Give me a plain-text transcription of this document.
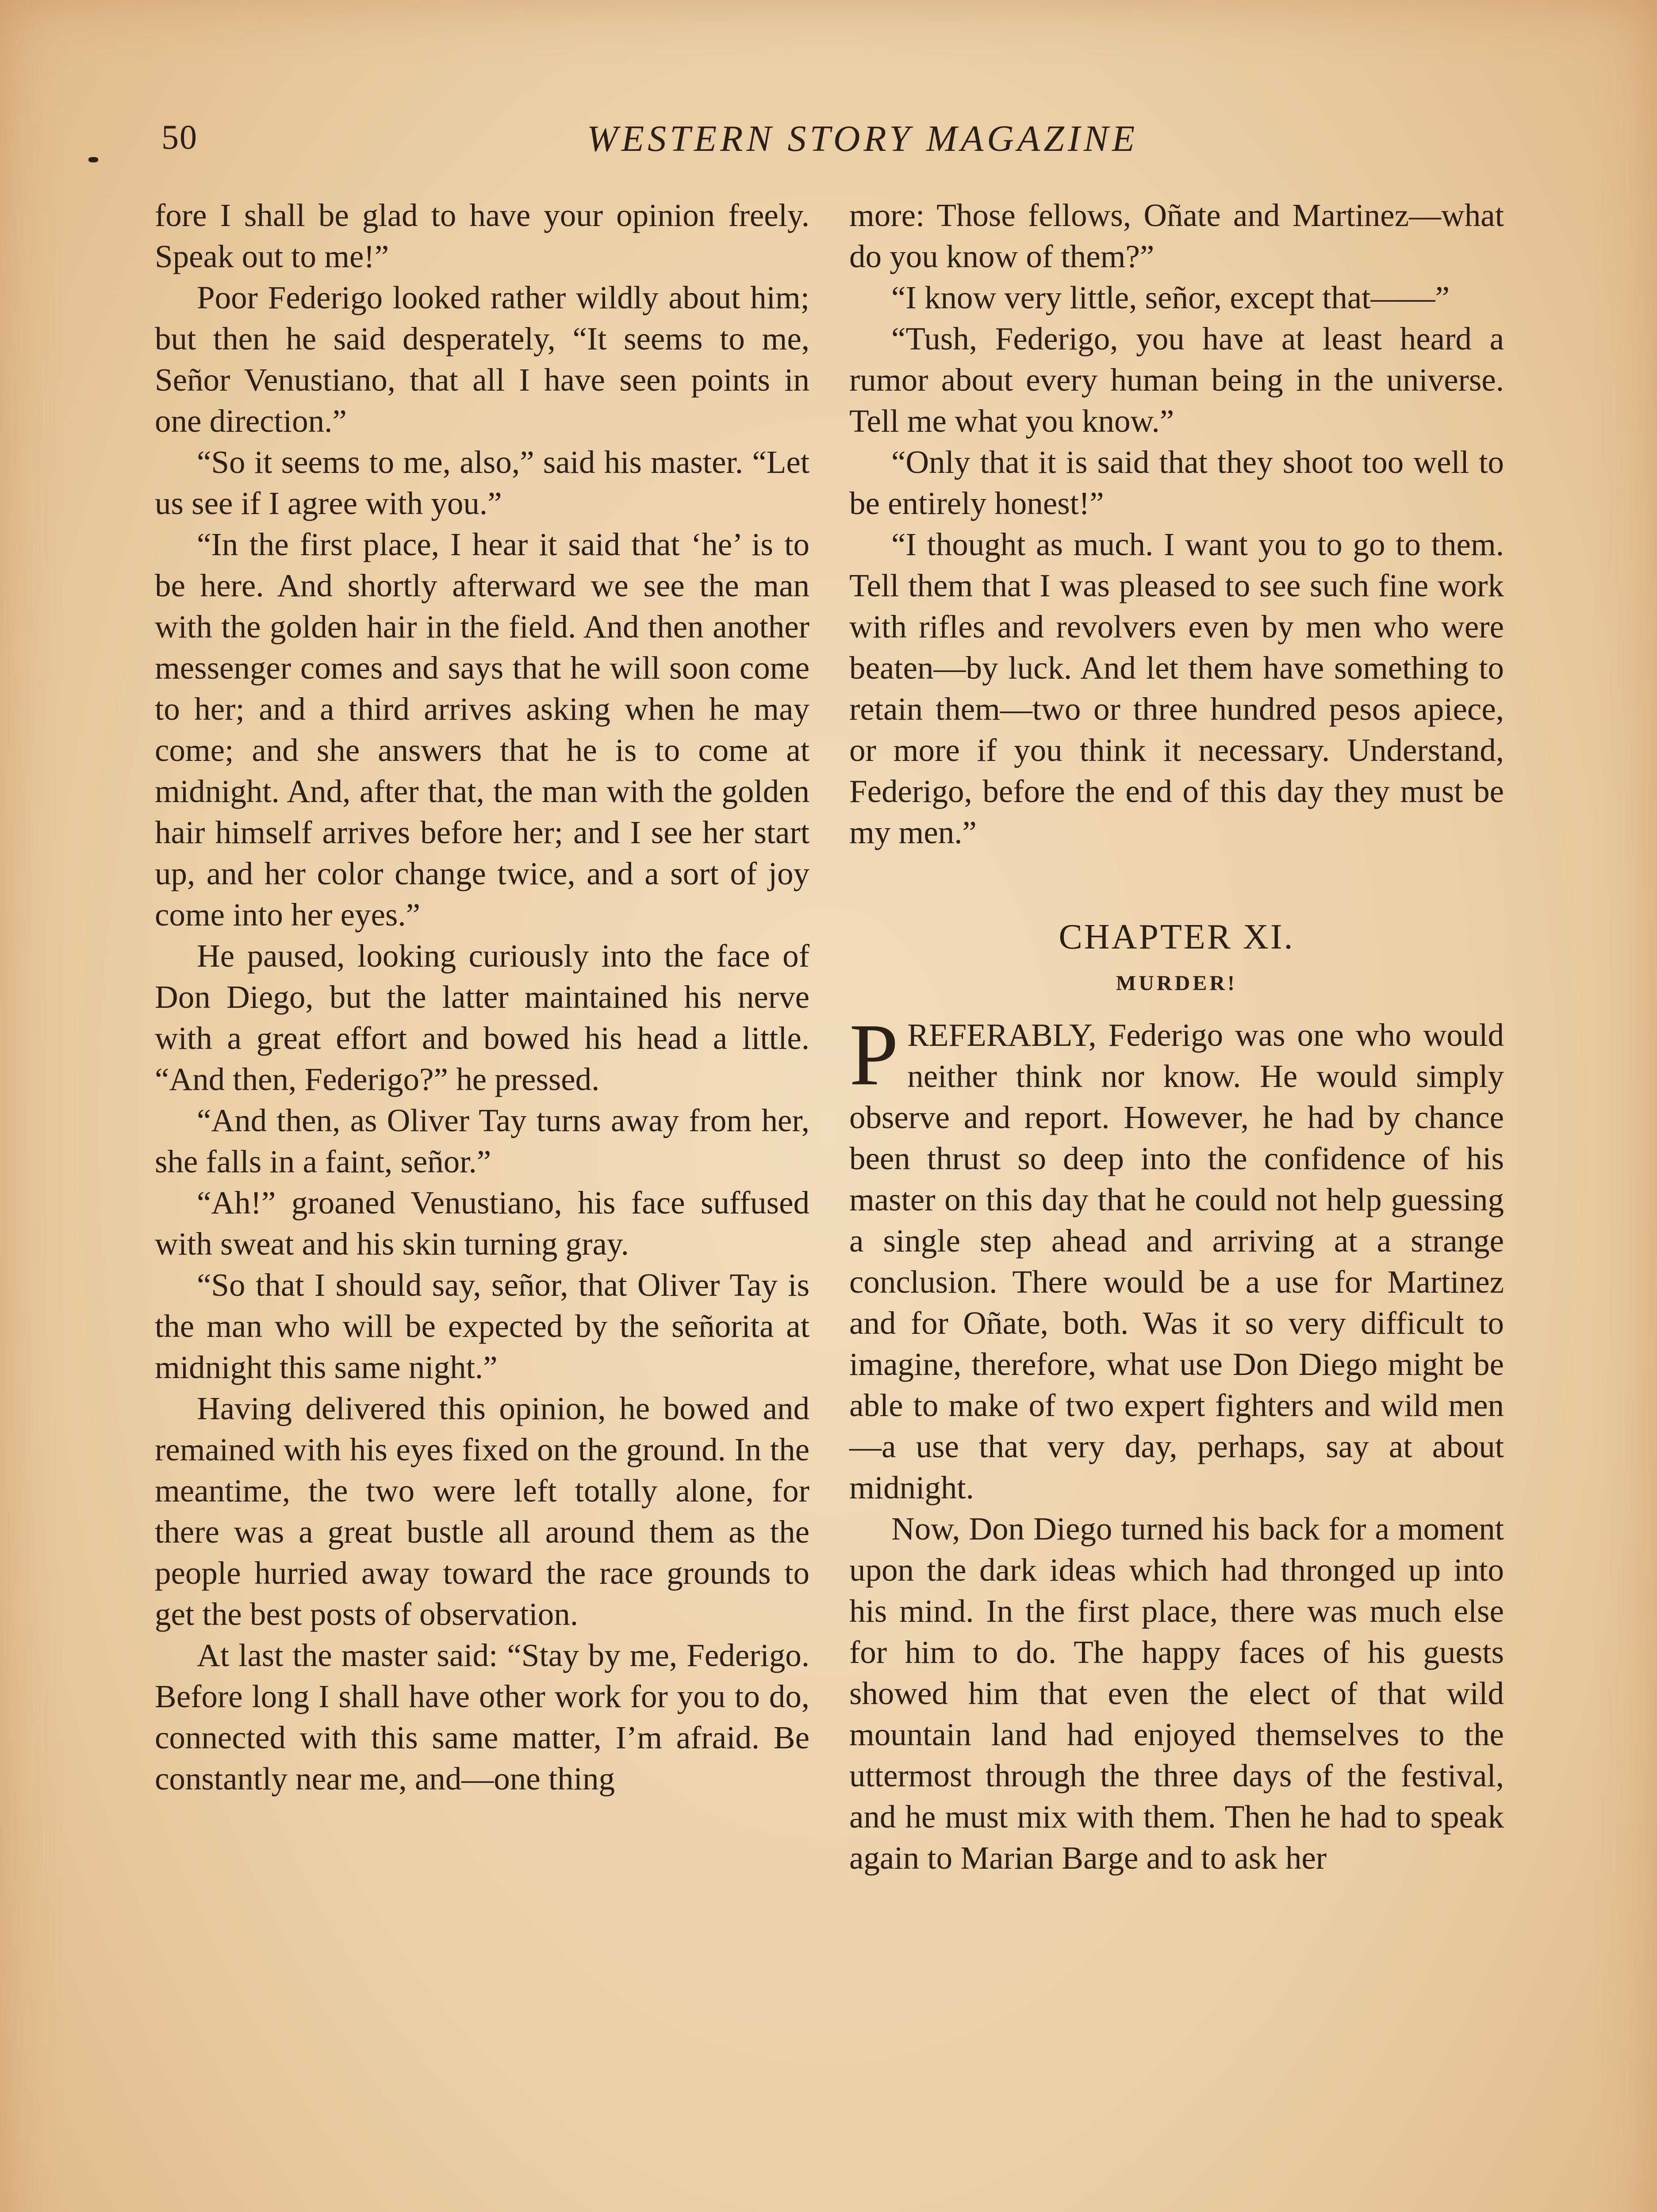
50	WESTERN STORY MAGAZINE

fore I shall be glad to have your opinion freely. Speak out to me!”

Poor Federigo looked rather wildly about him; but then he said desperately, “It seems to me, Señor Venustiano, that all I have seen points in one direction.”

“So it seems to me, also,” said his master. “Let us see if I agree with you.”

“In the first place, I hear it said that ‘he’ is to be here. And shortly afterward we see the man with the golden hair in the field. And then another messenger comes and says that he will soon come to her; and a third arrives asking when he may come; and she answers that he is to come at midnight. And, after that, the man with the golden hair himself arrives before her; and I see her start up, and her color change twice, and a sort of joy come into her eyes.”

He paused, looking curiously into the face of Don Diego, but the latter maintained his nerve with a great effort and bowed his head a little. “And then, Federigo?” he pressed.

“And then, as Oliver Tay turns away from her, she falls in a faint, señor.”

“Ah!” groaned Venustiano, his face suffused with sweat and his skin turning gray.

“So that I should say, señor, that Oliver Tay is the man who will be expected by the señorita at midnight this same night.”

Having delivered this opinion, he bowed and remained with his eyes fixed on the ground. In the meantime, the two were left totally alone, for there was a great bustle all around them as the people hurried away toward the race grounds to get the best posts of observation.

At last the master said: “Stay by me, Federigo. Before long I shall have other work for you to do, connected with this same matter, I’m afraid. Be constantly near me, and—one thing

more: Those fellows, Oñate and Martinez—what do you know of them?”

“I know very little, señor, except that——”

“Tush, Federigo, you have at least heard a rumor about every human being in the universe. Tell me what you know.”

“Only that it is said that they shoot too well to be entirely honest!”

“I thought as much. I want you to go to them. Tell them that I was pleased to see such fine work with rifles and revolvers even by men who were beaten—by luck. And let them have something to retain them—two or three hundred pesos apiece, or more if you think it necessary. Understand, Federigo, before the end of this day they must be my men.”

CHAPTER XI.
MURDER!

PREFERABLY, Federigo was one who would neither think nor know. He would simply observe and report. However, he had by chance been thrust so deep into the confidence of his master on this day that he could not help guessing a single step ahead and arriving at a strange conclusion. There would be a use for Martinez and for Oñate, both. Was it so very difficult to imagine, therefore, what use Don Diego might be able to make of two expert fighters and wild men—a use that very day, perhaps, say at about midnight.

Now, Don Diego turned his back for a moment upon the dark ideas which had thronged up into his mind. In the first place, there was much else for him to do. The happy faces of his guests showed him that even the elect of that wild mountain land had enjoyed themselves to the uttermost through the three days of the festival, and he must mix with them. Then he had to speak again to Marian Barge and to ask her
